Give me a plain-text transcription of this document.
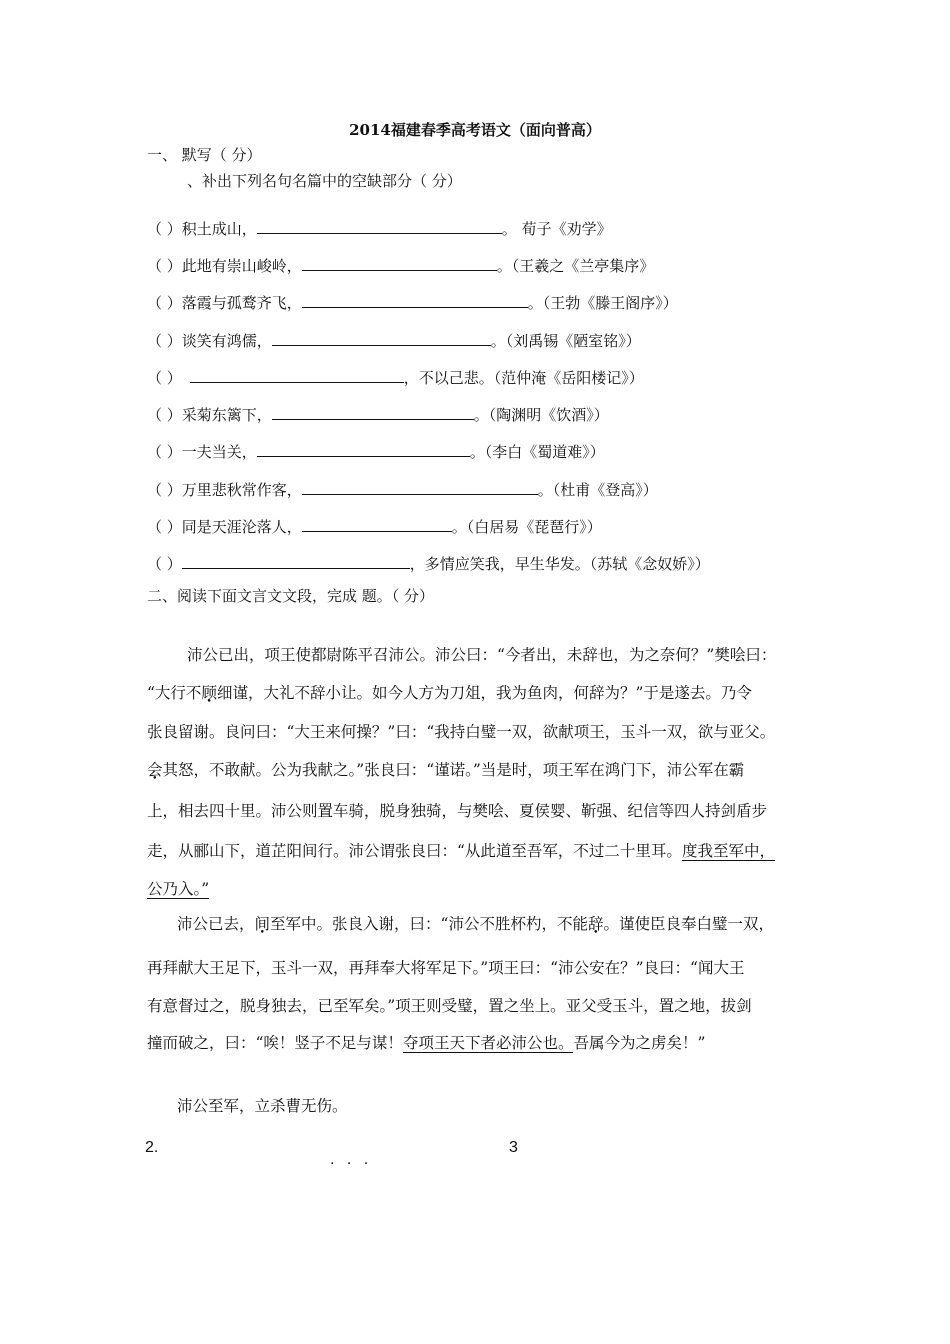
2014福建春季高考语文（面向普高）
一、 默写（ 分）
、补出下列名句名篇中的空缺部分（ 分）
（ ）积土成山，	。 荀子《劝学》
（ ）此地有崇山峻岭，	。（王羲之《兰亭集序》
（ ）落霞与孤鹜齐飞，	。（王勃《滕王阁序》）
（ ）谈笑有鸿儒，	。（刘禹锡《陋室铭》）
（ ）	，不以己悲。（范仲淹《岳阳楼记》）
（ ）采菊东篱下，	。（陶渊明《饮酒》）
（ ）一夫当关，	。（李白《蜀道难》）
（ ）万里悲秋常作客，	。（杜甫《登高》）
（ ）同是天涯沦落人，	。（白居易《琵琶行》）
（ ）	，多情应笑我，早生华发。（苏轼《念奴娇》）
二、阅读下面文言文文段，完成 题。（ 分）
沛公已出，项王使都尉陈平召沛公。沛公曰：“今者出，未辞也，为之奈何？”樊哙曰：
“大行不顾细谨，大礼不辞小让。如今人方为刀俎，我为鱼肉，何辞为？”于是遂去。乃令
张良留谢。良问曰：“大王来何操？”曰：“我持白璧一双，欲献项王，玉斗一双，欲与亚父。
会其怒，不敢献。公为我献之。”张良曰：“谨诺。”当是时，项王军在鸿门下，沛公军在霸
上，相去四十里。沛公则置车骑，脱身独骑，与樊哙、夏侯婴、靳强、纪信等四人持剑盾步
走，从郦山下，道芷阳间行。沛公谓张良曰：“从此道至吾军，不过二十里耳。度我至军中，
公乃入。”
沛公已去，间至军中。张良入谢，曰：“沛公不胜杯杓，不能辞。谨使臣良奉白璧一双，
再拜献大王足下，玉斗一双，再拜奉大将军足下。”项王曰：“沛公安在？”良曰：“闻大王
有意督过之，脱身独去，已至军矣。”项王则受璧，置之坐上。亚父受玉斗，置之地，拔剑
撞而破之，曰：“唉！竖子不足与谋！夺项王天下者必沛公也。吾属今为之虏矣！”
沛公至军，立杀曹无伤。
2.
. . .
3
